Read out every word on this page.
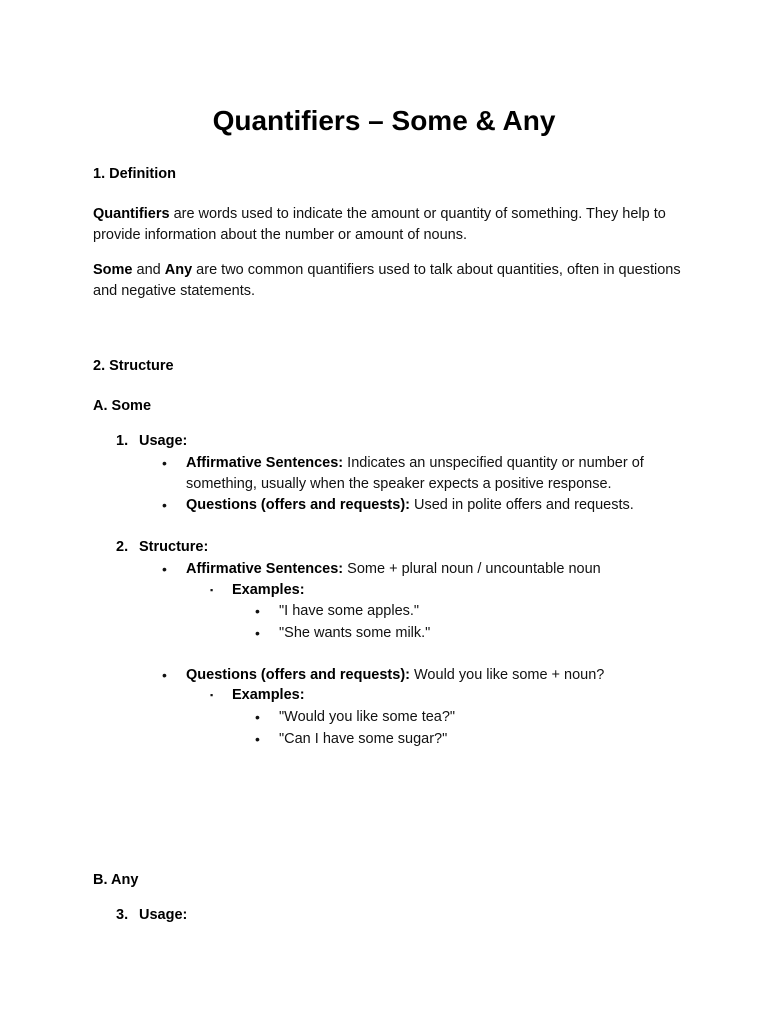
Quantifiers – Some & Any
1. Definition
Quantifiers are words used to indicate the amount or quantity of something. They help to provide information about the number or amount of nouns.
Some and Any are two common quantifiers used to talk about quantities, often in questions and negative statements.
2. Structure
A. Some
1. Usage:
• Affirmative Sentences: Indicates an unspecified quantity or number of
something, usually when the speaker expects a positive response.
• Questions (offers and requests): Used in polite offers and requests.
2. Structure:
• Affirmative Sentences: Some + plural noun / uncountable noun
▪ Examples:
• "I have some apples."
• "She wants some milk."
• Questions (offers and requests): Would you like some + noun?
▪ Examples:
• "Would you like some tea?"
• "Can I have some sugar?"
B. Any
3. Usage:
